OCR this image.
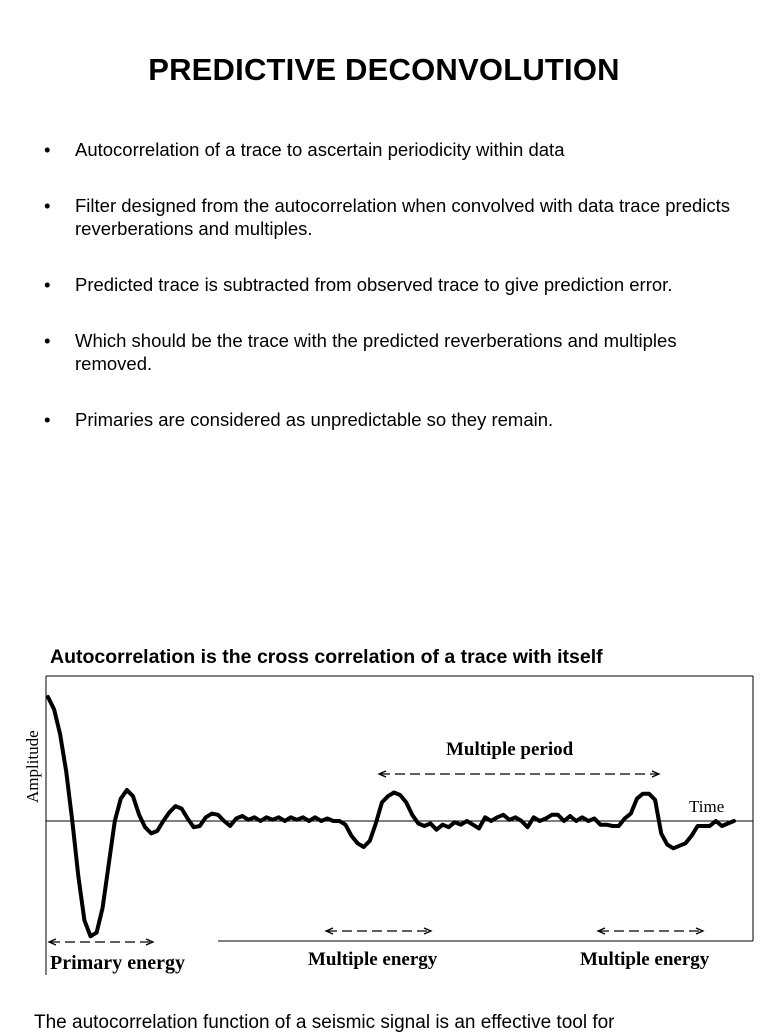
PREDICTIVE DECONVOLUTION
• Autocorrelation of a trace to ascertain periodicity within data
• Filter designed from the autocorrelation when convolved with data trace predicts reverberations and multiples.
• Predicted trace is subtracted from observed trace to give prediction error.
• Which should be the trace with the predicted reverberations and multiples removed.
• Primaries are considered as unpredictable so they remain.
Autocorrelation is the cross correlation of a trace with itself
Time
Amplitude	Multiple period
Primary energy	Multiple energy	Multiple energy
The autocorrelation function of a seismic signal is an effective tool for
